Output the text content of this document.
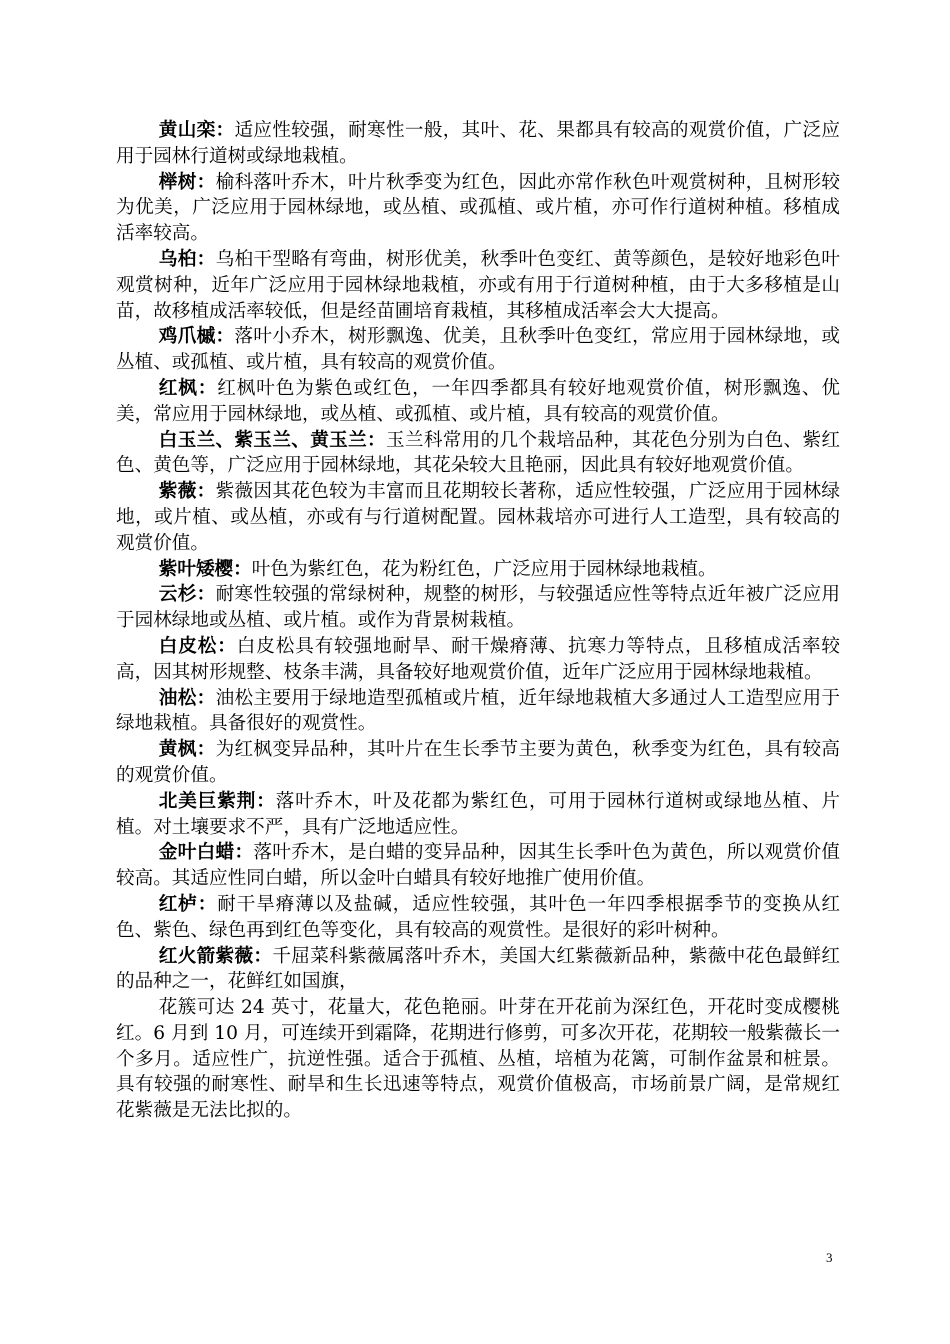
黄山栾：适应性较强，耐寒性一般，其叶、花、果都具有较高的观赏价值，广泛应用于园林行道树或绿地栽植。

榉树：榆科落叶乔木，叶片秋季变为红色，因此亦常作秋色叶观赏树种，且树形较为优美，广泛应用于园林绿地，或丛植、或孤植、或片植，亦可作行道树种植。移植成活率较高。

乌桕：乌桕干型略有弯曲，树形优美，秋季叶色变红、黄等颜色，是较好地彩色叶观赏树种，近年广泛应用于园林绿地栽植，亦或有用于行道树种植，由于大多移植是山苗，故移植成活率较低，但是经苗圃培育栽植，其移植成活率会大大提高。

鸡爪槭：落叶小乔木，树形飘逸、优美，且秋季叶色变红，常应用于园林绿地，或丛植、或孤植、或片植，具有较高的观赏价值。

红枫：红枫叶色为紫色或红色，一年四季都具有较好地观赏价值，树形飘逸、优美，常应用于园林绿地，或丛植、或孤植、或片植，具有较高的观赏价值。

白玉兰、紫玉兰、黄玉兰：玉兰科常用的几个栽培品种，其花色分别为白色、紫红色、黄色等，广泛应用于园林绿地，其花朵较大且艳丽，因此具有较好地观赏价值。

紫薇：紫薇因其花色较为丰富而且花期较长著称，适应性较强，广泛应用于园林绿地，或片植、或丛植，亦或有与行道树配置。园林栽培亦可进行人工造型，具有较高的观赏价值。

紫叶矮樱：叶色为紫红色，花为粉红色，广泛应用于园林绿地栽植。

云杉：耐寒性较强的常绿树种，规整的树形，与较强适应性等特点近年被广泛应用于园林绿地或丛植、或片植。或作为背景树栽植。

白皮松：白皮松具有较强地耐旱、耐干燥瘠薄、抗寒力等特点，且移植成活率较高，因其树形规整、枝条丰满，具备较好地观赏价值，近年广泛应用于园林绿地栽植。

油松：油松主要用于绿地造型孤植或片植，近年绿地栽植大多通过人工造型应用于绿地栽植。具备很好的观赏性。

黄枫：为红枫变异品种，其叶片在生长季节主要为黄色，秋季变为红色，具有较高的观赏价值。

北美巨紫荆：落叶乔木，叶及花都为紫红色，可用于园林行道树或绿地丛植、片植。对土壤要求不严，具有广泛地适应性。

金叶白蜡：落叶乔木，是白蜡的变异品种，因其生长季叶色为黄色，所以观赏价值较高。其适应性同白蜡，所以金叶白蜡具有较好地推广使用价值。

红栌：耐干旱瘠薄以及盐碱，适应性较强，其叶色一年四季根据季节的变换从红色、紫色、绿色再到红色等变化，具有较高的观赏性。是很好的彩叶树种。

红火箭紫薇：千屈菜科紫薇属落叶乔木，美国大红紫薇新品种，紫薇中花色最鲜红的品种之一，花鲜红如国旗，

花簇可达 24 英寸，花量大，花色艳丽。叶芽在开花前为深红色，开花时变成樱桃红。6 月到 10 月，可连续开到霜降，花期进行修剪，可多次开花，花期较一般紫薇长一个多月。适应性广，抗逆性强。适合于孤植、丛植，培植为花篱，可制作盆景和桩景。具有较强的耐寒性、耐旱和生长迅速等特点，观赏价值极高，市场前景广阔，是常规红花紫薇是无法比拟的。

3
